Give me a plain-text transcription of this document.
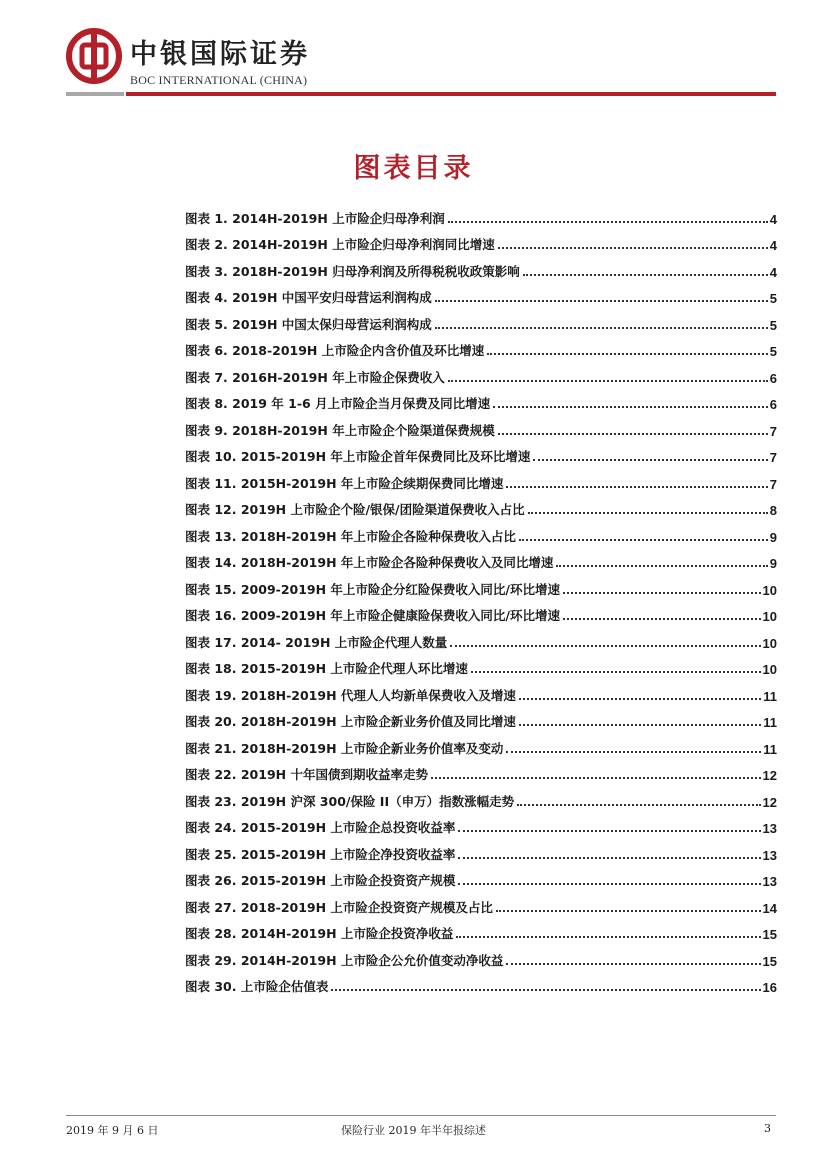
中银国际证券
BOC INTERNATIONAL (CHINA)
图表目录
图表 1. 2014H-2019H 上市险企归母净利润	4
图表 2. 2014H-2019H 上市险企归母净利润同比增速	4
图表 3. 2018H-2019H 归母净利润及所得税税收政策影响	4
图表 4. 2019H 中国平安归母营运利润构成	5
图表 5. 2019H 中国太保归母营运利润构成	5
图表 6. 2018-2019H 上市险企内含价值及环比增速	5
图表 7. 2016H-2019H 年上市险企保费收入	6
图表 8. 2019 年 1-6 月上市险企当月保费及同比增速	6
图表 9. 2018H-2019H 年上市险企个险渠道保费规模	7
图表 10. 2015-2019H 年上市险企首年保费同比及环比增速	7
图表 11. 2015H-2019H 年上市险企续期保费同比增速	7
图表 12. 2019H 上市险企个险/银保/团险渠道保费收入占比	8
图表 13. 2018H-2019H 年上市险企各险种保费收入占比	9
图表 14. 2018H-2019H 年上市险企各险种保费收入及同比增速	9
图表 15. 2009-2019H 年上市险企分红险保费收入同比/环比增速	10
图表 16. 2009-2019H 年上市险企健康险保费收入同比/环比增速	10
图表 17. 2014- 2019H 上市险企代理人数量	10
图表 18. 2015-2019H 上市险企代理人环比增速	10
图表 19. 2018H-2019H 代理人人均新单保费收入及增速	11
图表 20. 2018H-2019H 上市险企新业务价值及同比增速	11
图表 21. 2018H-2019H 上市险企新业务价值率及变动	11
图表 22. 2019H 十年国债到期收益率走势	12
图表 23. 2019H 沪深 300/保险 II（申万）指数涨幅走势	12
图表 24. 2015-2019H 上市险企总投资收益率	13
图表 25. 2015-2019H 上市险企净投资收益率	13
图表 26. 2015-2019H 上市险企投资资产规模	13
图表 27. 2018-2019H 上市险企投资资产规模及占比	14
图表 28. 2014H-2019H 上市险企投资净收益	15
图表 29. 2014H-2019H 上市险企公允价值变动净收益	15
图表 30. 上市险企估值表	16
2019 年 9 月 6 日	保险行业 2019 年半年报综述	3
